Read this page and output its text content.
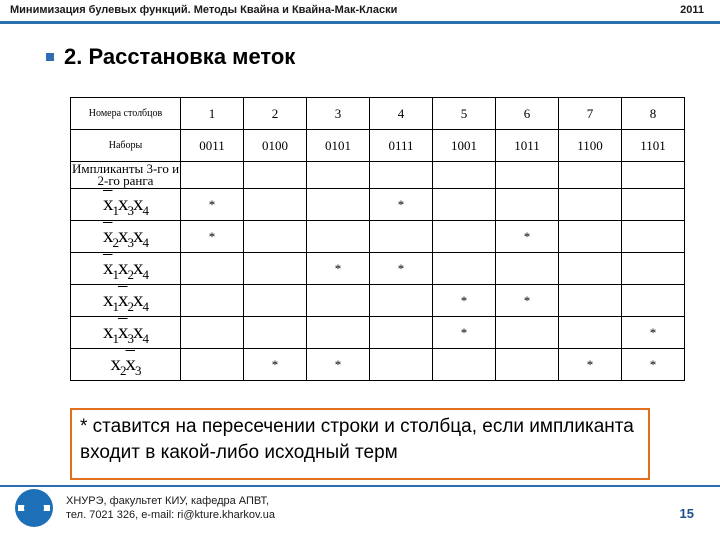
Минимизация булевых функций. Методы Квайна и Квайна-Мак-Класки	2011
2. Расстановка меток
Номера столбцов	1	2	3	4	5	6	7	8
Наборы	0011	0100	0101	0111	1001	1011	1100	1101
Импликанты 3-го и 2-го ранга								
$\overline{x}_1x_3x_4$	*			*				
$\overline{x}_2x_3x_4$	*					*		
$\overline{x}_1x_2x_4$			*	*				
$x_1\overline{x}_2x_4$					*	*		
$x_1\overline{x}_3x_4$					*			*
$x_2\overline{x}_3$		*	*				*	*
* ставится на пересечении строки и столбца, если импликанта входит в какой-либо исходный терм
ХНУРЭ, факультет КИУ, кафедра АПВТ,
тел. 7021 326, e-mail: ri@kture.kharkov.ua	15
